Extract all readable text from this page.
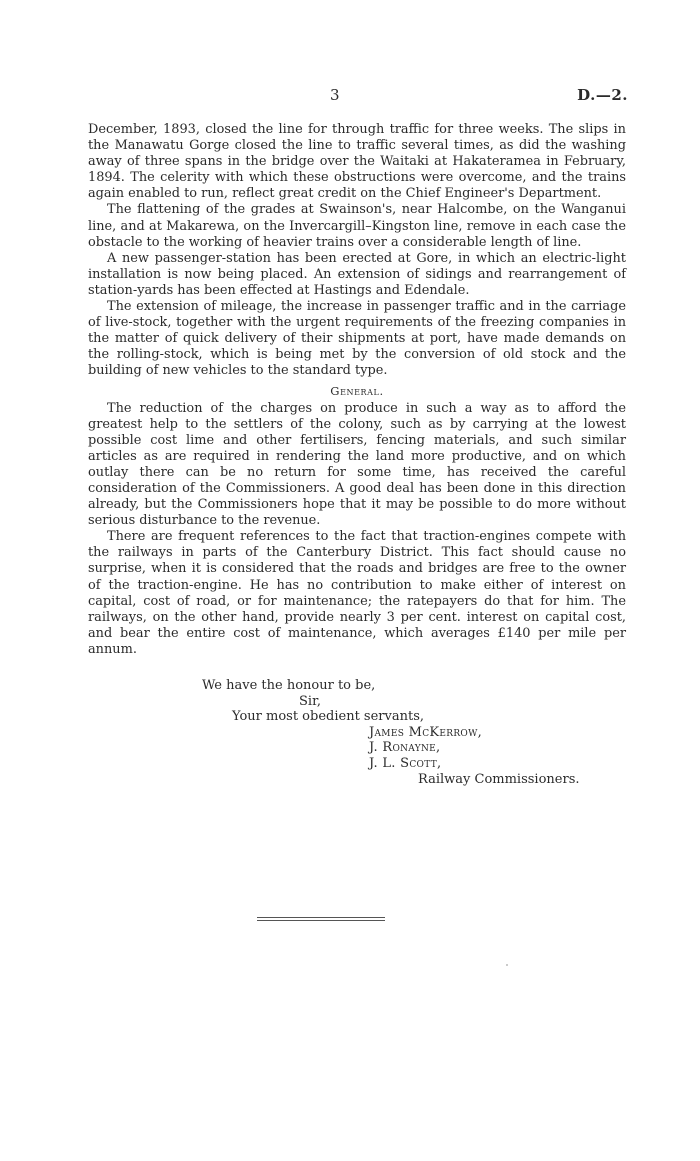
3	D.—2.

December, 1893, closed the line for through traffic for three weeks. The slips in the Manawatu Gorge closed the line to traffic several times, as did the washing away of three spans in the bridge over the Waitaki at Hakateramea in February, 1894. The celerity with which these obstructions were overcome, and the trains again enabled to run, reflect great credit on the Chief Engineer's Department.

The flattening of the grades at Swainson's, near Halcombe, on the Wanganui line, and at Makarewa, on the Invercargill–Kingston line, remove in each case the obstacle to the working of heavier trains over a considerable length of line.

A new passenger-station has been erected at Gore, in which an electric-light installation is now being placed. An extension of sidings and rearrangement of station-yards has been effected at Hastings and Edendale.

The extension of mileage, the increase in passenger traffic and in the carriage of live-stock, together with the urgent requirements of the freezing companies in the matter of quick delivery of their shipments at port, have made demands on the rolling-stock, which is being met by the conversion of old stock and the building of new vehicles to the standard type.

General.

The reduction of the charges on produce in such a way as to afford the greatest help to the settlers of the colony, such as by carrying at the lowest possible cost lime and other fertilisers, fencing materials, and such similar articles as are required in rendering the land more productive, and on which outlay there can be no return for some time, has received the careful consideration of the Commissioners. A good deal has been done in this direction already, but the Commissioners hope that it may be possible to do more without serious disturbance to the revenue.

There are frequent references to the fact that traction-engines compete with the railways in parts of the Canterbury District. This fact should cause no surprise, when it is considered that the roads and bridges are free to the owner of the traction-engine. He has no contribution to make either of interest on capital, cost of road, or for maintenance; the ratepayers do that for him. The railways, on the other hand, provide nearly 3 per cent. interest on capital cost, and bear the entire cost of maintenance, which averages £140 per mile per annum.

We have the honour to be,
Sir,
Your most obedient servants,
James McKerrow,
J. Ronayne,
J. L. Scott,
Railway Commissioners.
